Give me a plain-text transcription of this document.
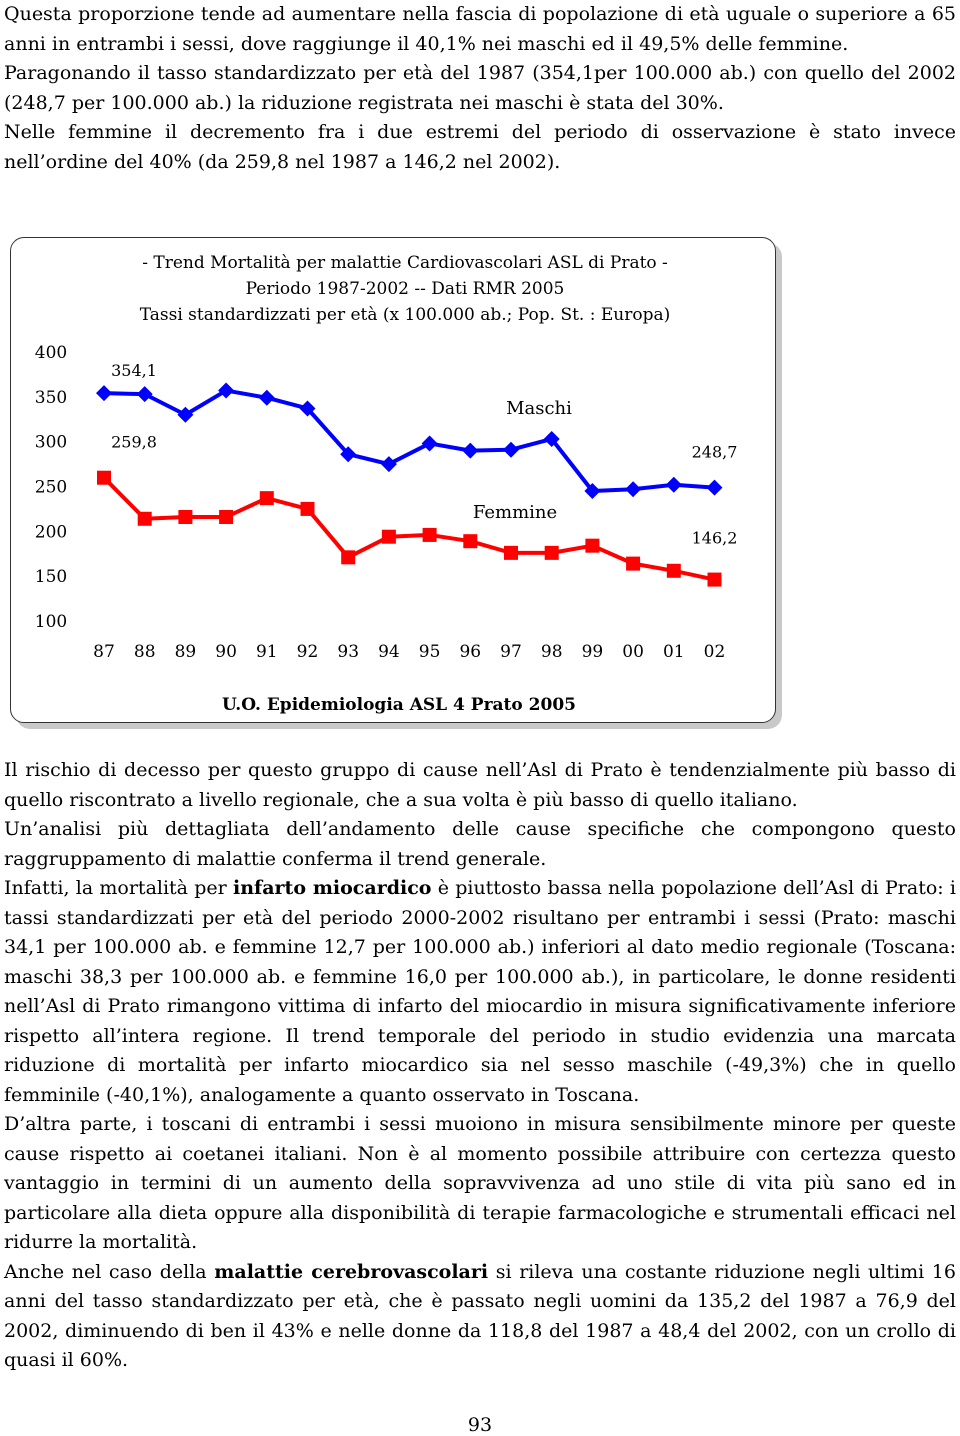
Questa proporzione tende ad aumentare nella fascia di popolazione di età uguale o superiore a 65 anni in entrambi i sessi, dove raggiunge il 40,1% nei maschi ed il 49,5% delle femmine.
Paragonando il tasso standardizzato per età del 1987 (354,1per 100.000 ab.) con quello del 2002 (248,7 per 100.000 ab.) la riduzione registrata nei maschi è stata del 30%.
Nelle femmine il decremento fra i due estremi del periodo di osservazione è stato invece nell’ordine del 40% (da 259,8 nel 1987 a 146,2 nel 2002).
- Trend Mortalità per malattie Cardiovascolari ASL di Prato -
Periodo 1987-2002 -- Dati RMR 2005
Tassi standardizzati per età (x 100.000 ab.; Pop. St. : Europa)
400
350
300
250
200
150
100
87 88 89 90 91 92 93 94 95 96 97 98 99 00 01 02
Maschi
354,1
248,7
Femmine
259,8
146,2
U.O. Epidemiologia ASL 4 Prato 2005
Il rischio di decesso per questo gruppo di cause nell’Asl di Prato è tendenzialmente più basso di quello riscontrato a livello regionale, che a sua volta è più basso di quello italiano.
Un’analisi più dettagliata dell’andamento delle cause specifiche che compongono questo raggruppamento di malattie conferma il trend generale.
Infatti, la mortalità per infarto miocardico è piuttosto bassa nella popolazione dell’Asl di Prato: i tassi standardizzati per età del periodo 2000-2002 risultano per entrambi i sessi (Prato: maschi 34,1 per 100.000 ab. e femmine 12,7 per 100.000 ab.) inferiori al dato medio regionale (Toscana: maschi 38,3 per 100.000 ab. e femmine 16,0 per 100.000 ab.), in particolare, le donne residenti nell’Asl di Prato rimangono vittima di infarto del miocardio in misura significativamente inferiore rispetto all’intera regione. Il trend temporale del periodo in studio evidenzia una marcata riduzione di mortalità per infarto miocardico sia nel sesso maschile (-49,3%) che in quello femminile (-40,1%), analogamente a quanto osservato in Toscana.
D’altra parte, i toscani di entrambi i sessi muoiono in misura sensibilmente minore per queste cause rispetto ai coetanei italiani. Non è al momento possibile attribuire con certezza questo vantaggio in termini di un aumento della sopravvivenza ad uno stile di vita più sano ed in particolare alla dieta oppure alla disponibilità di terapie farmacologiche e strumentali efficaci nel ridurre la mortalità.
Anche nel caso della malattie cerebrovascolari si rileva una costante riduzione negli ultimi 16 anni del tasso standardizzato per età, che è passato negli uomini da 135,2 del 1987 a 76,9 del 2002, diminuendo di ben il 43% e nelle donne da 118,8 del 1987 a 48,4 del 2002, con un crollo di quasi il 60%.
93
